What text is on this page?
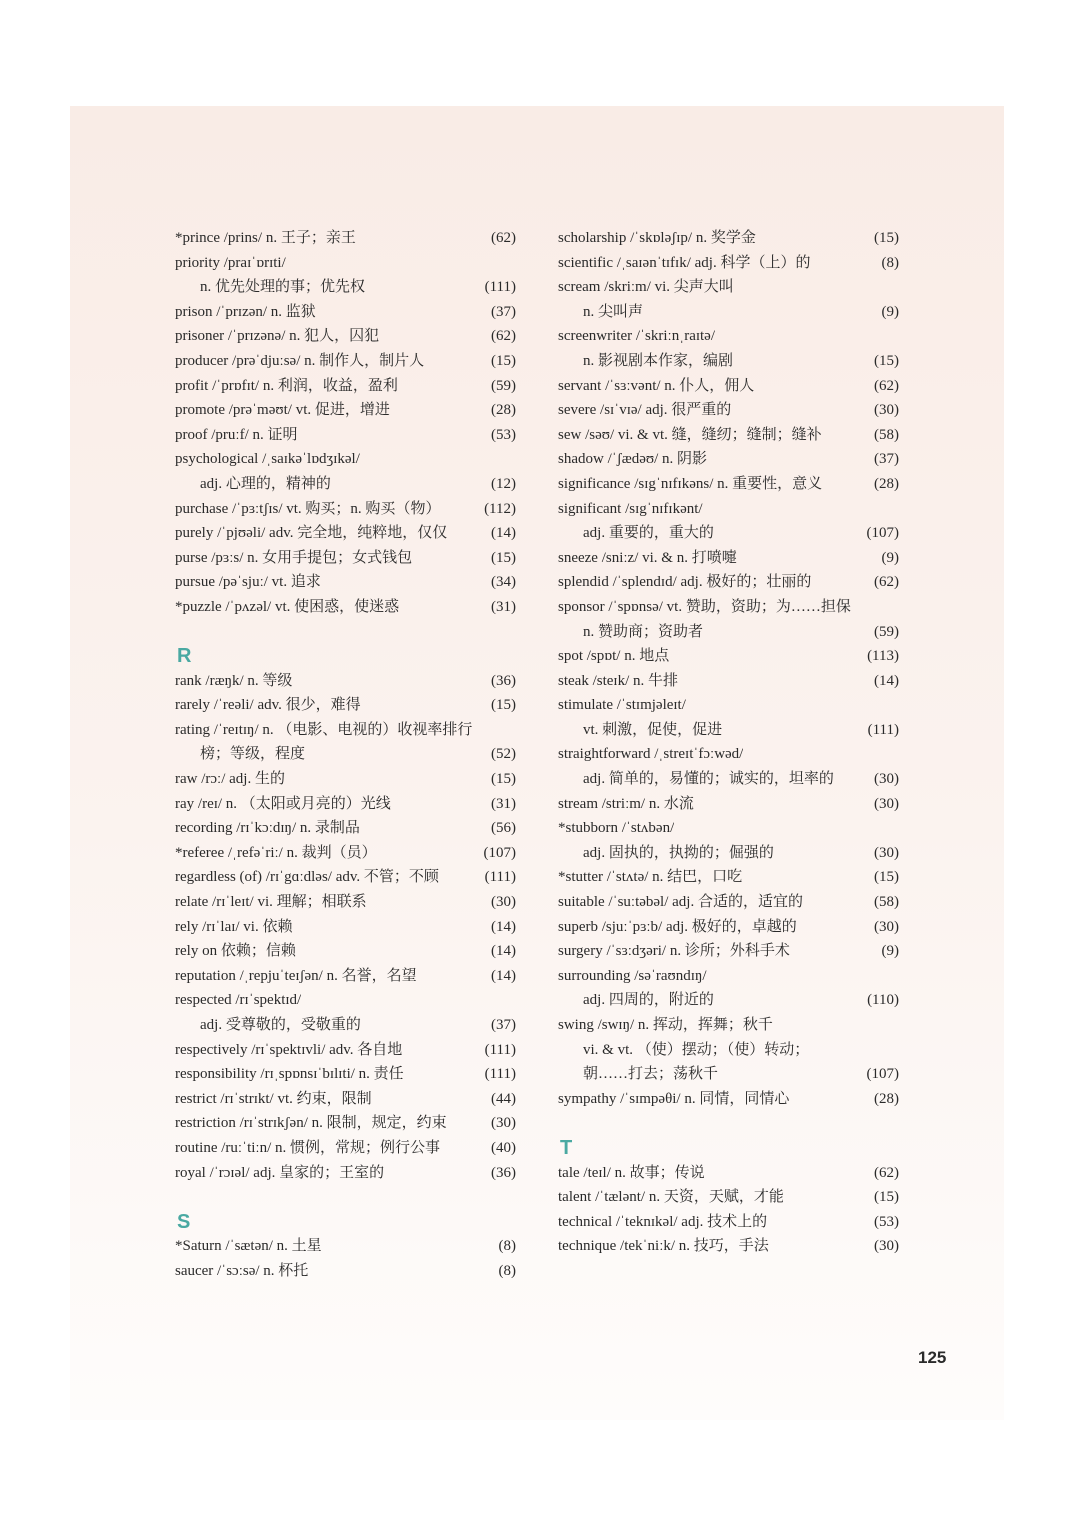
*prince /prins/ n. 王子；亲王	(62)
priority /praɪˈɒrɪti/
n. 优先处理的事；优先权	(111)
prison /ˈprɪzən/ n. 监狱	(37)
prisoner /ˈprɪzənə/ n. 犯人，囚犯	(62)
producer /prəˈdjuːsə/ n. 制作人，制片人	(15)
profit /ˈprɒfɪt/ n. 利润，收益，盈利	(59)
promote /prəˈməʊt/ vt. 促进，增进	(28)
proof /pruːf/ n. 证明	(53)
psychological /ˌsaɪkəˈlɒdʒɪkəl/
adj. 心理的，精神的	(12)
purchase /ˈpɜːtʃɪs/ vt. 购买；n. 购买（物）	(112)
purely /ˈpjʊəli/ adv. 完全地，纯粹地，仅仅	(14)
purse /pɜːs/ n. 女用手提包；女式钱包	(15)
pursue /pəˈsjuː/ vt. 追求	(34)
*puzzle /ˈpʌzəl/ vt. 使困惑，使迷惑	(31)
R
rank /ræŋk/ n. 等级	(36)
rarely /ˈreəli/ adv. 很少，难得	(15)
rating /ˈreɪtɪŋ/ n. （电影、电视的）收视率排行
榜；等级，程度	(52)
raw /rɔː/ adj. 生的	(15)
ray /reɪ/ n. （太阳或月亮的）光线	(31)
recording /rɪˈkɔːdɪŋ/ n. 录制品	(56)
*referee /ˌrefəˈriː/ n. 裁判（员）	(107)
regardless (of) /rɪˈgɑːdləs/ adv. 不管；不顾	(111)
relate /rɪˈleɪt/ vi. 理解；相联系	(30)
rely /rɪˈlaɪ/ vi. 依赖	(14)
rely on 依赖；信赖	(14)
reputation /ˌrepjuˈteɪʃən/ n. 名誉，名望	(14)
respected /rɪˈspektɪd/
adj. 受尊敬的，受敬重的	(37)
respectively /rɪˈspektɪvli/ adv. 各自地	(111)
responsibility /rɪˌspɒnsɪˈbɪlɪti/ n. 责任	(111)
restrict /rɪˈstrɪkt/ vt. 约束，限制	(44)
restriction /rɪˈstrɪkʃən/ n. 限制，规定，约束	(30)
routine /ruːˈtiːn/ n. 惯例，常规；例行公事	(40)
royal /ˈrɔɪəl/ adj. 皇家的；王室的	(36)
S
*Saturn /ˈsætən/ n. 土星	(8)
saucer /ˈsɔːsə/ n. 杯托	(8)
scholarship /ˈskɒləʃɪp/ n. 奖学金	(15)
scientific /ˌsaɪənˈtɪfɪk/ adj. 科学（上）的	(8)
scream /skriːm/ vi. 尖声大叫
n. 尖叫声	(9)
screenwriter /ˈskriːnˌraɪtə/
n. 影视剧本作家，编剧	(15)
servant /ˈsɜːvənt/ n. 仆人，佣人	(62)
severe /sɪˈvɪə/ adj. 很严重的	(30)
sew /səʊ/ vi. & vt. 缝，缝纫；缝制；缝补	(58)
shadow /ˈʃædəʊ/ n. 阴影	(37)
significance /sɪgˈnɪfɪkəns/ n. 重要性，意义	(28)
significant /sɪgˈnɪfɪkənt/
adj. 重要的，重大的	(107)
sneeze /sniːz/ vi. & n. 打喷嚏	(9)
splendid /ˈsplendɪd/ adj. 极好的；壮丽的	(62)
sponsor /ˈspɒnsə/ vt. 赞助，资助；为……担保
n. 赞助商；资助者	(59)
spot /spɒt/ n. 地点	(113)
steak /steɪk/ n. 牛排	(14)
stimulate /ˈstɪmjəleɪt/
vt. 刺激，促使，促进	(111)
straightforward /ˌstreɪtˈfɔːwəd/
adj. 简单的，易懂的；诚实的，坦率的	(30)
stream /striːm/ n. 水流	(30)
*stubborn /ˈstʌbən/
adj. 固执的，执拗的；倔强的	(30)
*stutter /ˈstʌtə/ n. 结巴，口吃	(15)
suitable /ˈsuːtəbəl/ adj. 合适的，适宜的	(58)
superb /sjuːˈpɜːb/ adj. 极好的，卓越的	(30)
surgery /ˈsɜːdʒəri/ n. 诊所；外科手术	(9)
surrounding /səˈraʊndɪŋ/
adj. 四周的，附近的	(110)
swing /swɪŋ/ n. 挥动，挥舞；秋千
vi. & vt. （使）摆动；（使）转动；
朝……打去；荡秋千	(107)
sympathy /ˈsɪmpəθi/ n. 同情，同情心	(28)
T
tale /teɪl/ n. 故事；传说	(62)
talent /ˈtælənt/ n. 天资，天赋，才能	(15)
technical /ˈteknɪkəl/ adj. 技术上的	(53)
technique /tekˈniːk/ n. 技巧，手法	(30)
125
